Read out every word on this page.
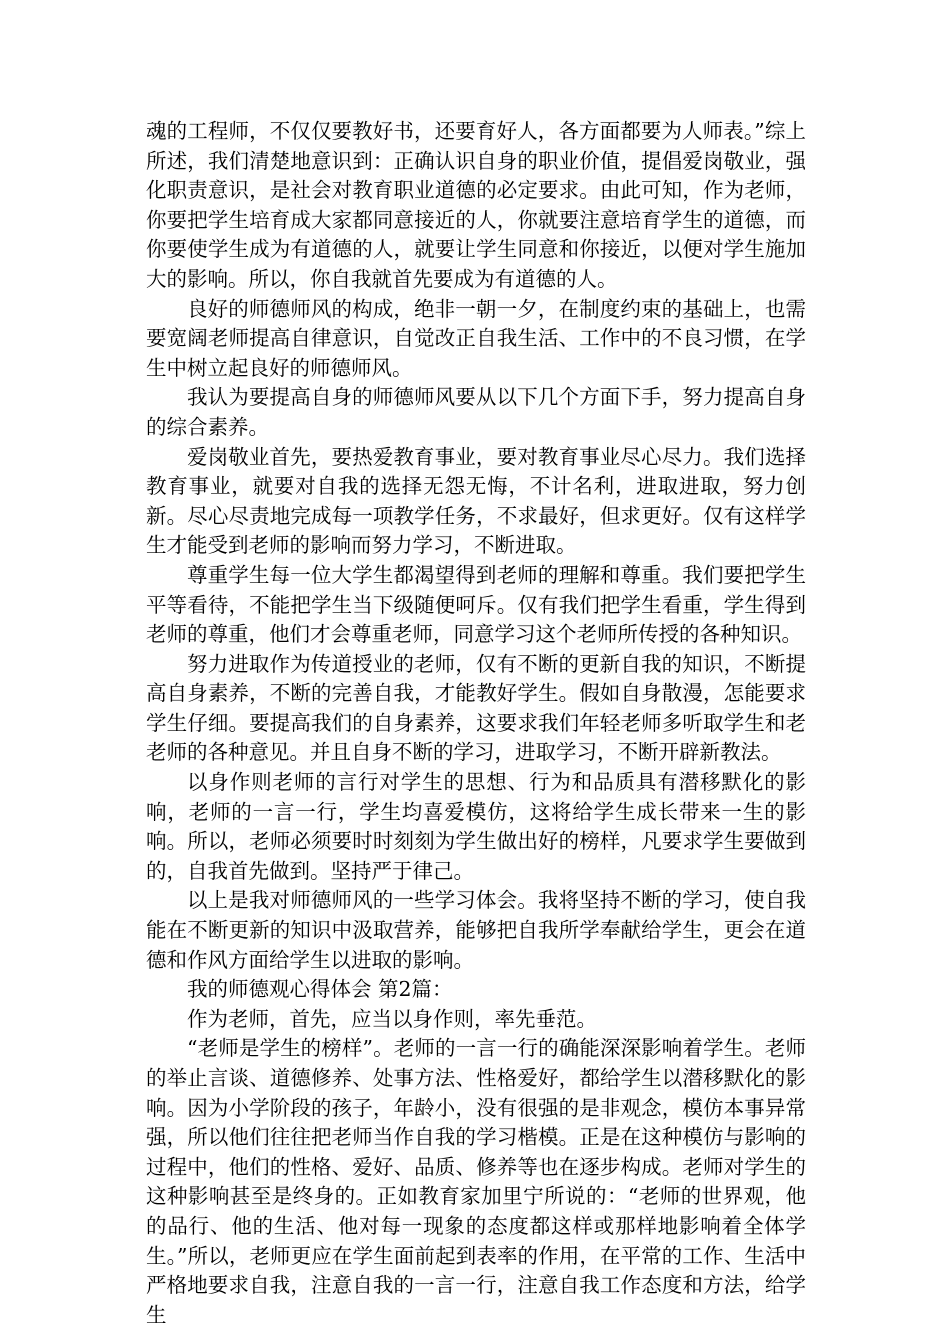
魂的工程师，不仅仅要教好书，还要育好人，各方面都要为人师表。”综上所述，我们清楚地意识到：正确认识自身的职业价值，提倡爱岗敬业，强化职责意识，是社会对教育职业道德的必定要求。由此可知，作为老师，你要把学生培育成大家都同意接近的人，你就要注意培育学生的道德，而你要使学生成为有道德的人，就要让学生同意和你接近，以便对学生施加大的影响。所以，你自我就首先要成为有道德的人。

良好的师德师风的构成，绝非一朝一夕，在制度约束的基础上，也需要宽阔老师提高自律意识，自觉改正自我生活、工作中的不良习惯，在学生中树立起良好的师德师风。

我认为要提高自身的师德师风要从以下几个方面下手，努力提高自身的综合素养。

爱岗敬业首先，要热爱教育事业，要对教育事业尽心尽力。我们选择教育事业，就要对自我的选择无怨无悔，不计名利，进取进取，努力创新。尽心尽责地完成每一项教学任务，不求最好，但求更好。仅有这样学生才能受到老师的影响而努力学习，不断进取。

尊重学生每一位大学生都渴望得到老师的理解和尊重。我们要把学生平等看待，不能把学生当下级随便呵斥。仅有我们把学生看重，学生得到老师的尊重，他们才会尊重老师，同意学习这个老师所传授的各种知识。

努力进取作为传道授业的老师，仅有不断的更新自我的知识，不断提高自身素养，不断的完善自我，才能教好学生。假如自身散漫，怎能要求学生仔细。要提高我们的自身素养，这要求我们年轻老师多听取学生和老老师的各种意见。并且自身不断的学习，进取学习，不断开辟新教法。

以身作则老师的言行对学生的思想、行为和品质具有潜移默化的影响，老师的一言一行，学生均喜爱模仿，这将给学生成长带来一生的影响。所以，老师必须要时时刻刻为学生做出好的榜样，凡要求学生要做到的，自我首先做到。坚持严于律己。

以上是我对师德师风的一些学习体会。我将坚持不断的学习，使自我能在不断更新的知识中汲取营养，能够把自我所学奉献给学生，更会在道德和作风方面给学生以进取的影响。

我的师德观心得体会 第2篇：

作为老师，首先，应当以身作则，率先垂范。

“老师是学生的榜样”。老师的一言一行的确能深深影响着学生。老师的举止言谈、道德修养、处事方法、性格爱好，都给学生以潜移默化的影响。因为小学阶段的孩子，年龄小，没有很强的是非观念，模仿本事异常强，所以他们往往把老师当作自我的学习楷模。正是在这种模仿与影响的过程中，他们的性格、爱好、品质、修养等也在逐步构成。老师对学生的这种影响甚至是终身的。正如教育家加里宁所说的：“老师的世界观，他的品行、他的生活、他对每一现象的态度都这样或那样地影响着全体学生。”所以，老师更应在学生面前起到表率的作用，在平常的工作、生活中严格地要求自我，注意自我的一言一行，注意自我工作态度和方法，给学生
